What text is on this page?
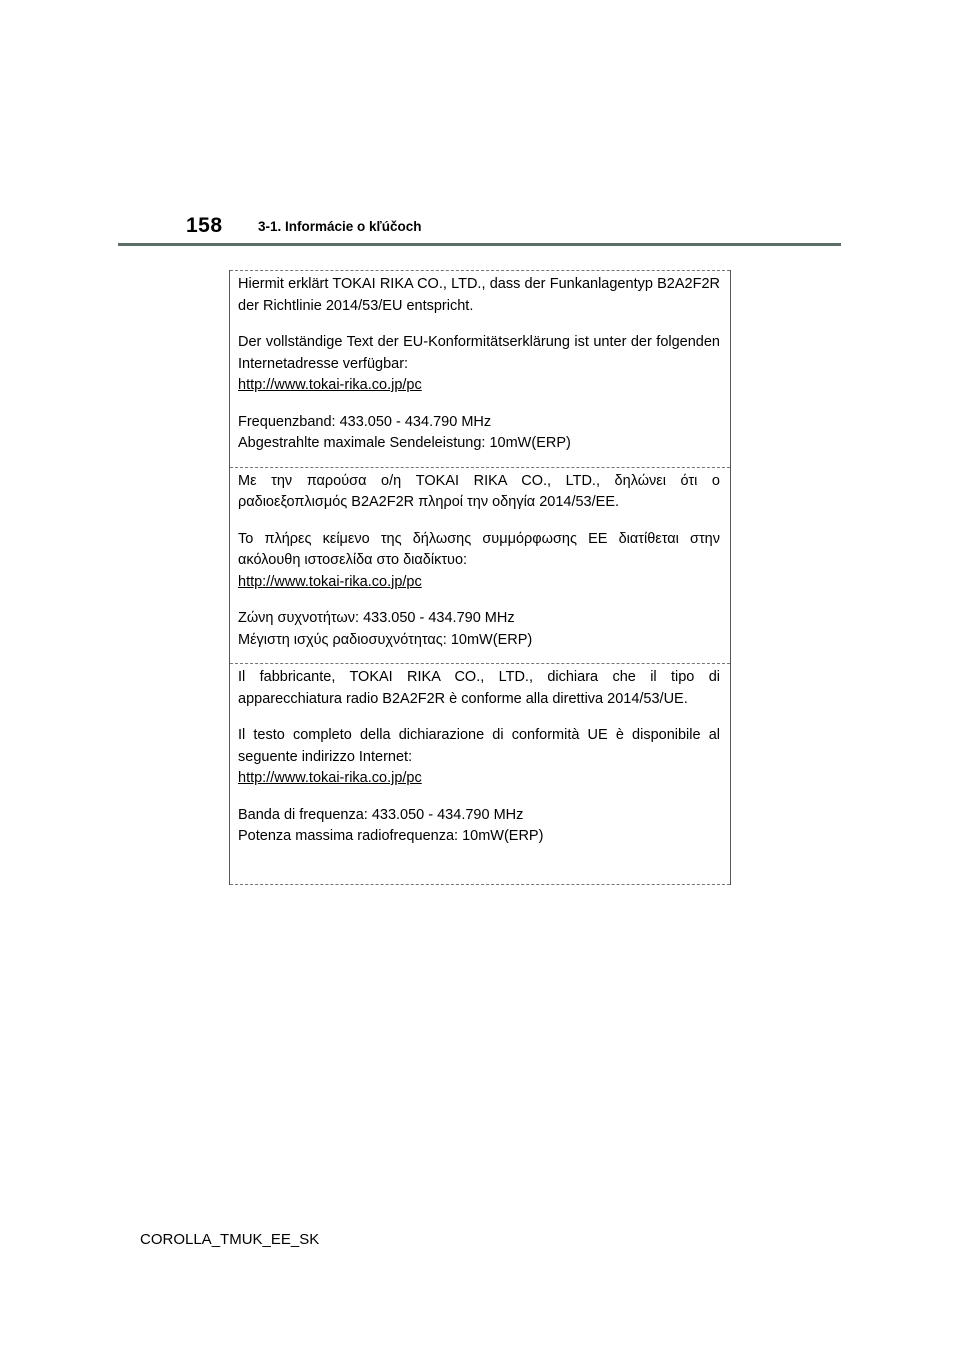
158	3-1. Informácie o kľúčoch

Hiermit erklärt TOKAI RIKA CO., LTD., dass der Funkanlagentyp B2A2F2R der Richtlinie 2014/53/EU entspricht.

Der vollständige Text der EU-Konformitätserklärung ist unter der folgenden Internetadresse verfügbar:
http://www.tokai-rika.co.jp/pc

Frequenzband: 433.050 - 434.790 MHz
Abgestrahlte maximale Sendeleistung: 10mW(ERP)

Με την παρούσα ο/η TOKAI RIKA CO., LTD., δηλώνει ότι ο ραδιοεξοπλισμός B2A2F2R πληροί την οδηγία 2014/53/ΕΕ.

Το πλήρες κείμενο της δήλωσης συμμόρφωσης ΕΕ διατίθεται στην ακόλουθη ιστοσελίδα στο διαδίκτυο:
http://www.tokai-rika.co.jp/pc

Ζώνη συχνοτήτων: 433.050 - 434.790 MHz
Μέγιστη ισχύς ραδιοσυχνότητας: 10mW(ERP)

Il fabbricante, TOKAI RIKA CO., LTD., dichiara che il tipo di apparecchiatura radio B2A2F2R è conforme alla direttiva 2014/53/UE.

Il testo completo della dichiarazione di conformità UE è disponibile al seguente indirizzo Internet:
http://www.tokai-rika.co.jp/pc

Banda di frequenza: 433.050 - 434.790 MHz
Potenza massima radiofrequenza: 10mW(ERP)

COROLLA_TMUK_EE_SK
